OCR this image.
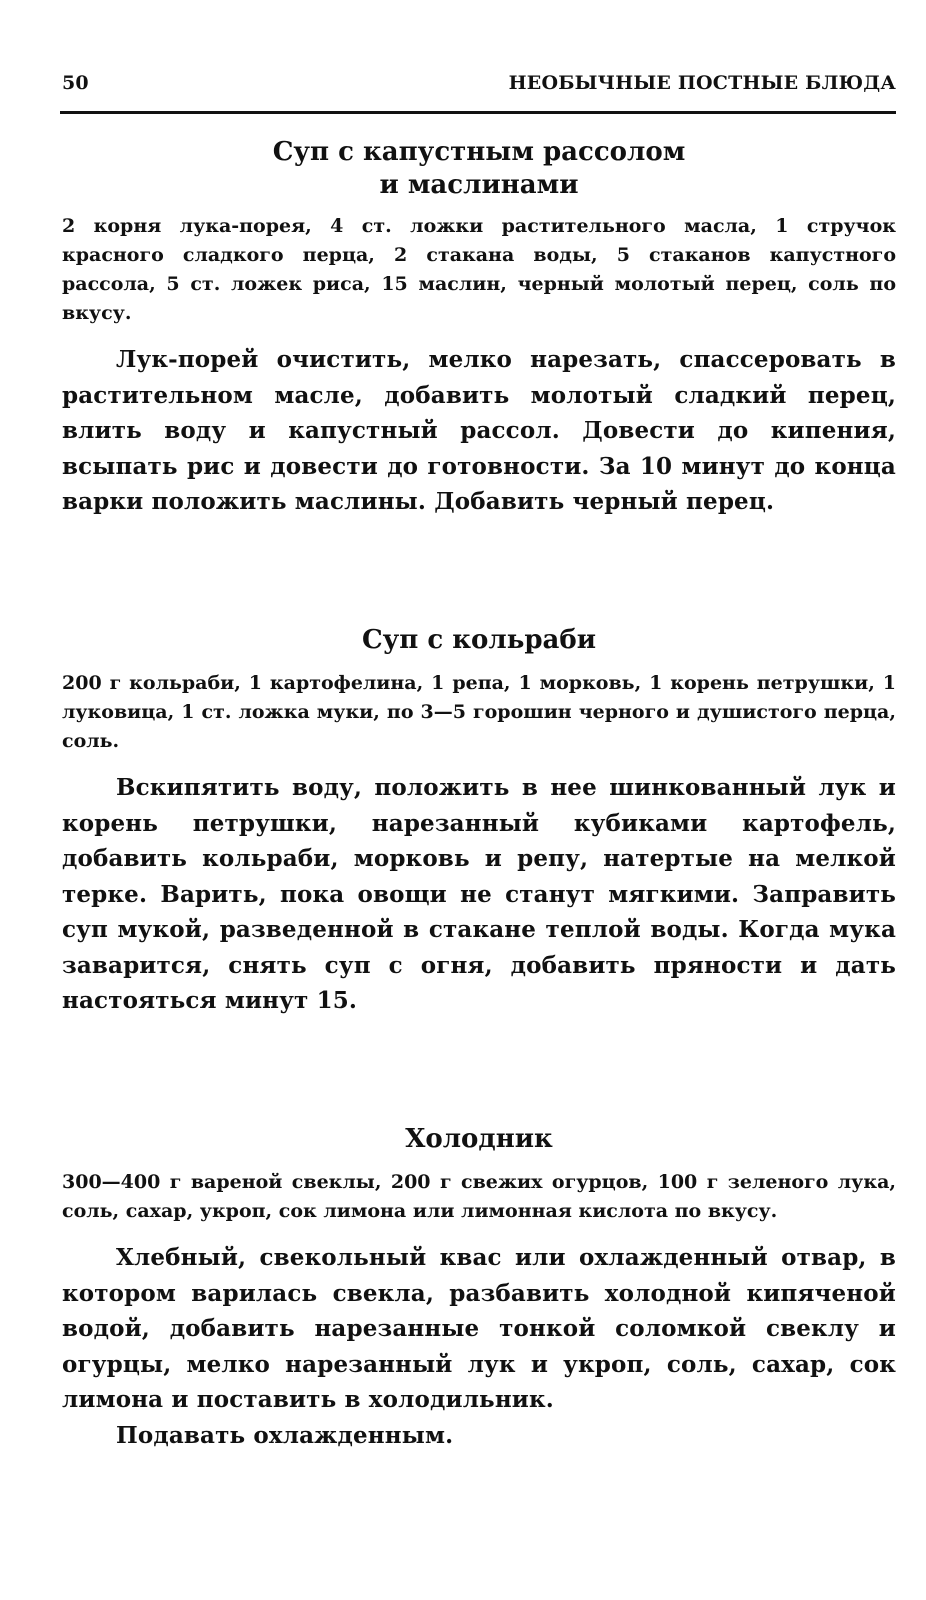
50	НЕОБЫЧНЫЕ ПОСТНЫЕ БЛЮДА
Суп с капустным рассолом
и маслинами

2 корня лука-порея, 4 ст. ложки растительного масла, 1 стручок красного сладкого перца, 2 стакана воды, 5 стаканов капустного рассола, 5 ст. ложек риса, 15 маслин, черный молотый перец, соль по вкусу.

Лук-порей очистить, мелко нарезать, спассеровать в растительном масле, добавить молотый сладкий перец, влить воду и капустный рассол. Довести до кипения, всыпать рис и довести до готовности. За 10 минут до конца варки положить маслины. Добавить черный перец.

Суп с кольраби

200 г кольраби, 1 картофелина, 1 репа, 1 морковь, 1 корень петрушки, 1 луковица, 1 ст. ложка муки, по 3—5 горошин черного и душистого перца, соль.

Вскипятить воду, положить в нее шинкованный лук и корень петрушки, нарезанный кубиками картофель, добавить кольраби, морковь и репу, натертые на мелкой терке. Варить, пока овощи не станут мягкими. Заправить суп мукой, разведенной в стакане теплой воды. Когда мука заварится, снять суп с огня, добавить пряности и дать настояться минут 15.

Холодник

300—400 г вареной свеклы, 200 г свежих огурцов, 100 г зеленого лука, соль, сахар, укроп, сок лимона или лимонная кислота по вкусу.

Хлебный, свекольный квас или охлажденный отвар, в котором варилась свекла, разбавить холодной кипяченой водой, добавить нарезанные тонкой соломкой свеклу и огурцы, мелко нарезанный лук и укроп, соль, сахар, сок лимона и поставить в холодильник.

Подавать охлажденным.
